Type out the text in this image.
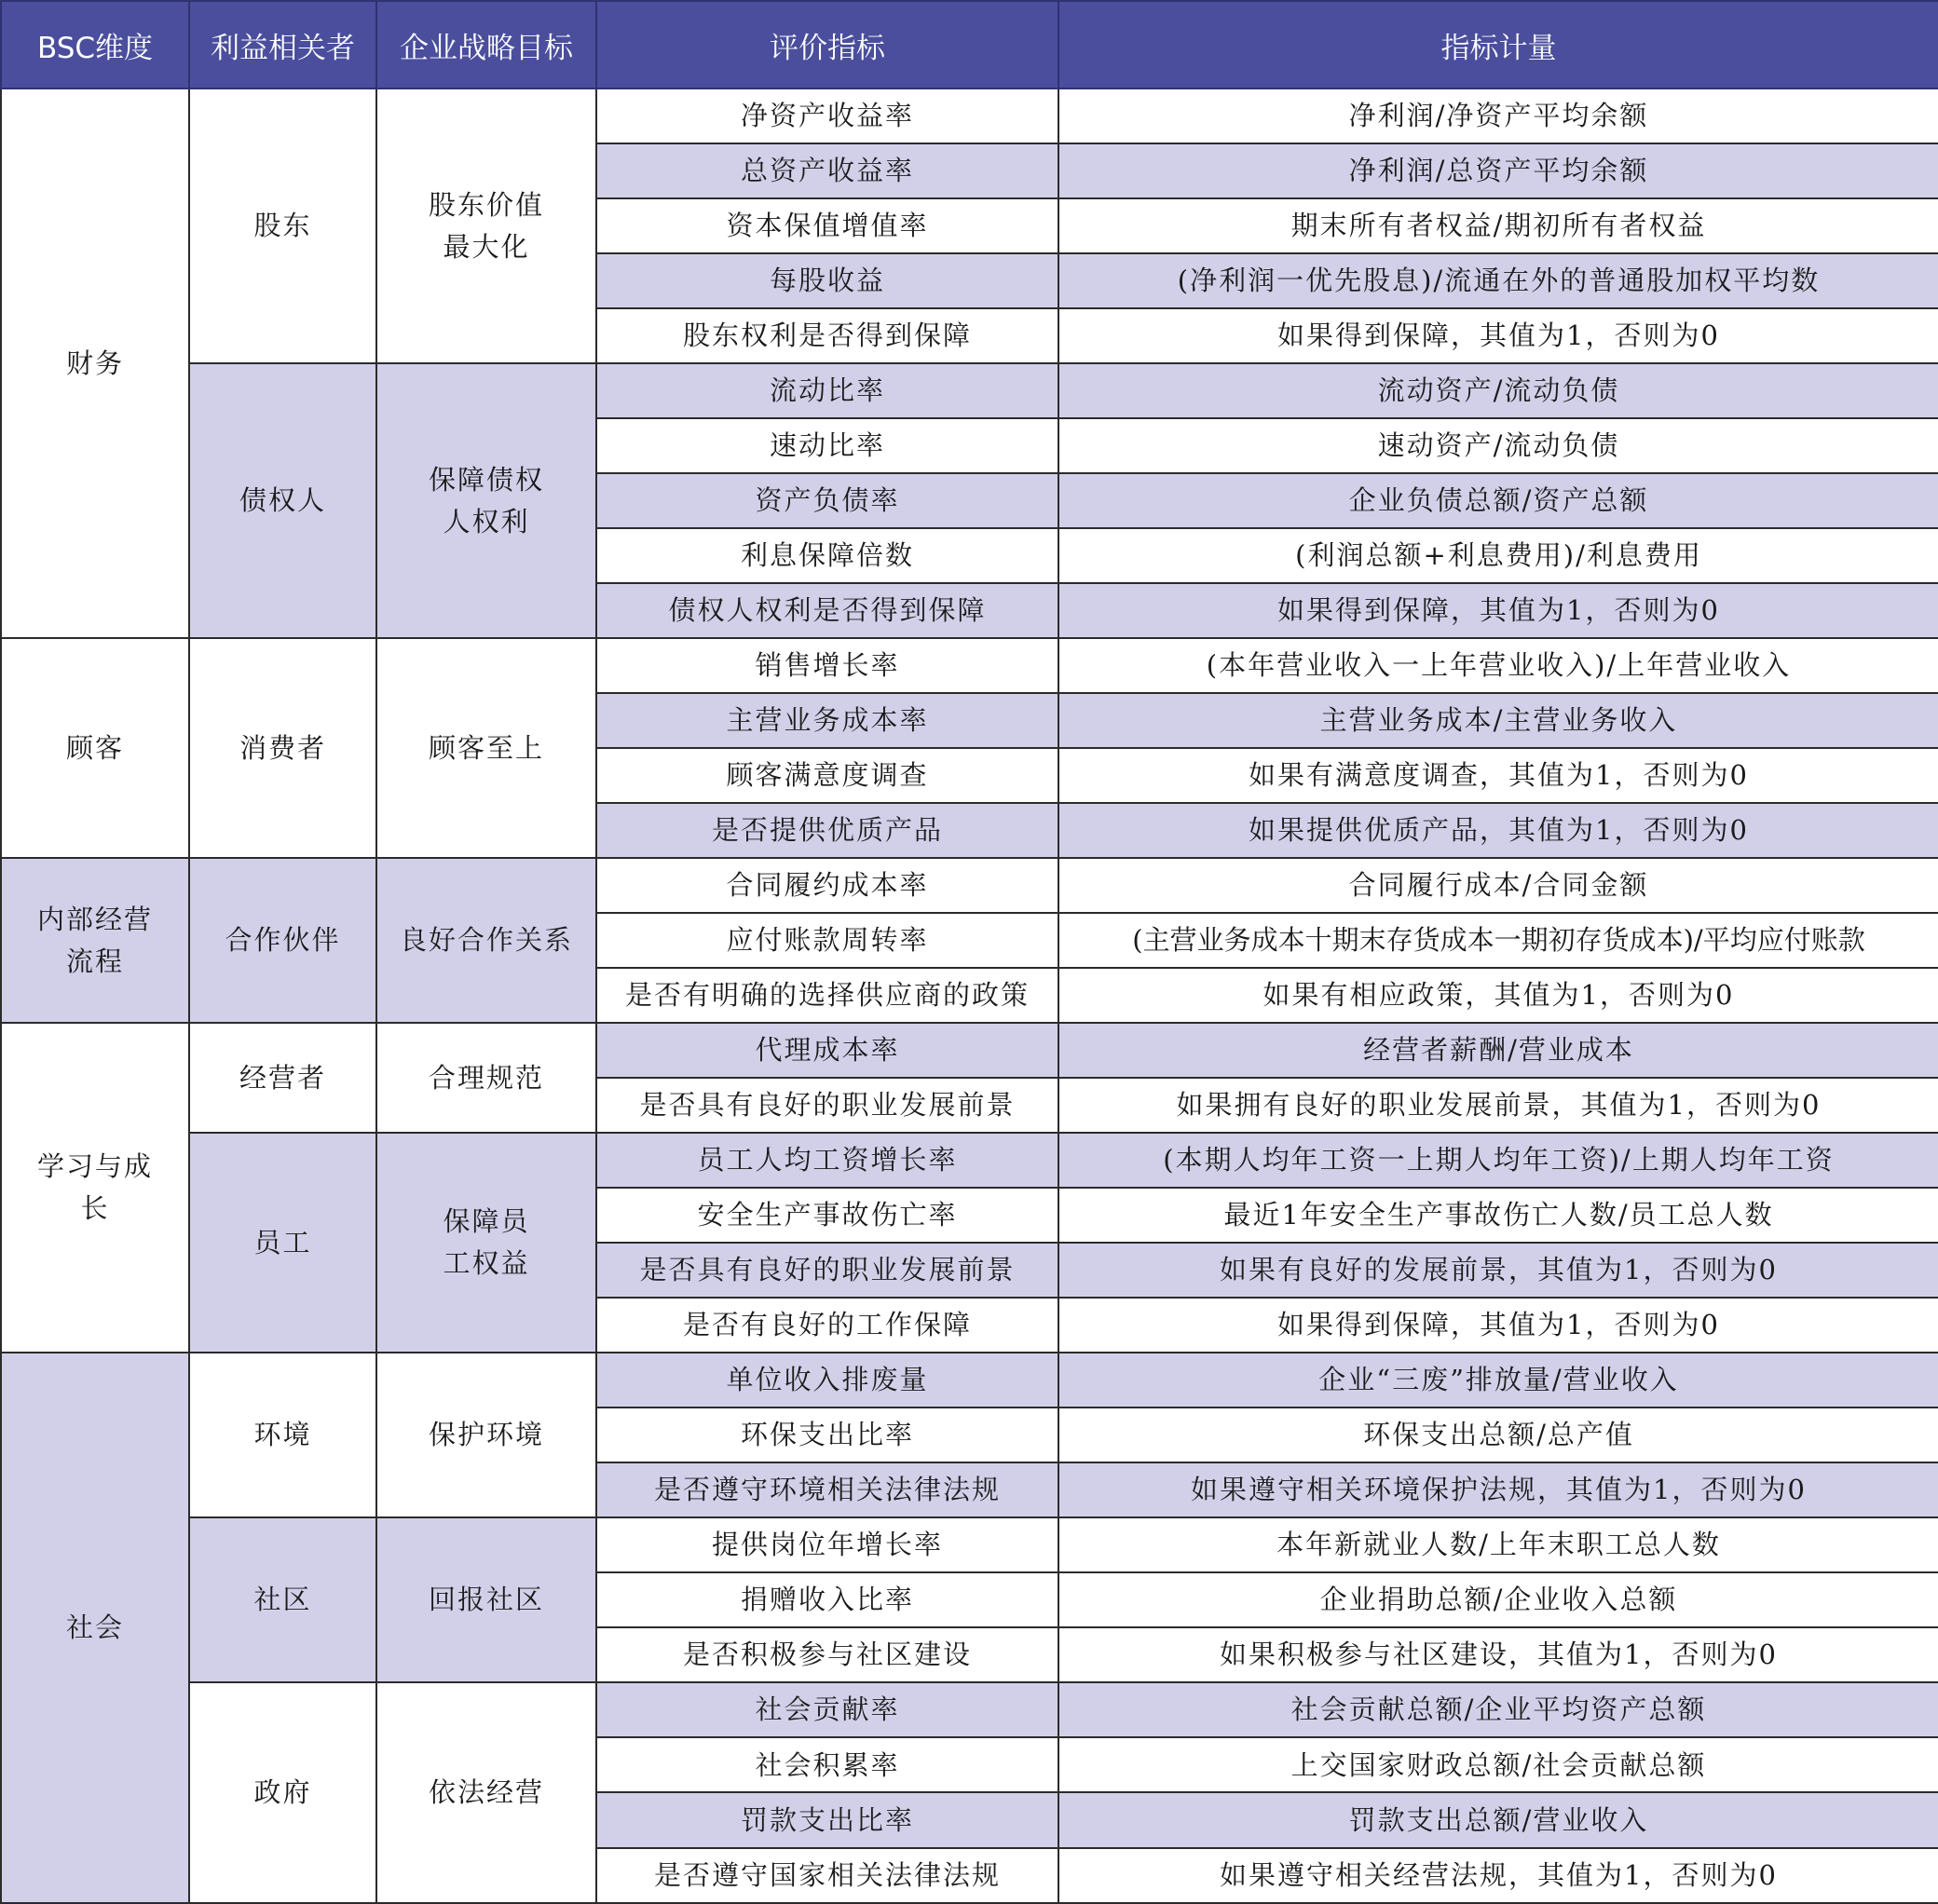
BSC维度	利益相关者	企业战略目标	评价指标	指标计量
财务	股东	股东价值最大化	净资产收益率	净利润/净资产平均余额
			总资产收益率	净利润/总资产平均余额
			资本保值增值率	期末所有者权益/期初所有者权益
			每股收益	(净利润一优先股息)/流通在外的普通股加权平均数
			股东权利是否得到保障	如果得到保障，其值为1，否则为0
	债权人	保障债权人权利	流动比率	流动资产/流动负债
			速动比率	速动资产/流动负债
			资产负债率	企业负债总额/资产总额
			利息保障倍数	(利润总额+利息费用)/利息费用
			债权人权利是否得到保障	如果得到保障，其值为1，否则为0
顾客	消费者	顾客至上	销售增长率	(本年营业收入一上年营业收入)/上年营业收入
			主营业务成本率	主营业务成本/主营业务收入
			顾客满意度调查	如果有满意度调查，其值为1，否则为0
			是否提供优质产品	如果提供优质产品，其值为1，否则为0
内部经营流程	合作伙伴	良好合作关系	合同履约成本率	合同履行成本/合同金额
			应付账款周转率	(主营业务成本十期末存货成本一期初存货成本)/平均应付账款
			是否有明确的选择供应商的政策	如果有相应政策，其值为1，否则为0
学习与成长	经营者	合理规范	代理成本率	经营者薪酬/营业成本
			是否具有良好的职业发展前景	如果拥有良好的职业发展前景，其值为1，否则为0
	员工	保障员工权益	员工人均工资增长率	(本期人均年工资一上期人均年工资)/上期人均年工资
			安全生产事故伤亡率	最近1年安全生产事故伤亡人数/员工总人数
			是否具有良好的职业发展前景	如果有良好的发展前景，其值为1，否则为0
			是否有良好的工作保障	如果得到保障，其值为1，否则为0
社会	环境	保护环境	单位收入排废量	企业“三废”排放量/营业收入
			环保支出比率	环保支出总额/总产值
			是否遵守环境相关法律法规	如果遵守相关环境保护法规，其值为1，否则为0
	社区	回报社区	提供岗位年增长率	本年新就业人数/上年末职工总人数
			捐赠收入比率	企业捐助总额/企业收入总额
			是否积极参与社区建设	如果积极参与社区建设，其值为1，否则为0
	政府	依法经营	社会贡献率	社会贡献总额/企业平均资产总额
			社会积累率	上交国家财政总额/社会贡献总额
			罚款支出比率	罚款支出总额/营业收入
			是否遵守国家相关法律法规	如果遵守相关经营法规，其值为1，否则为0
